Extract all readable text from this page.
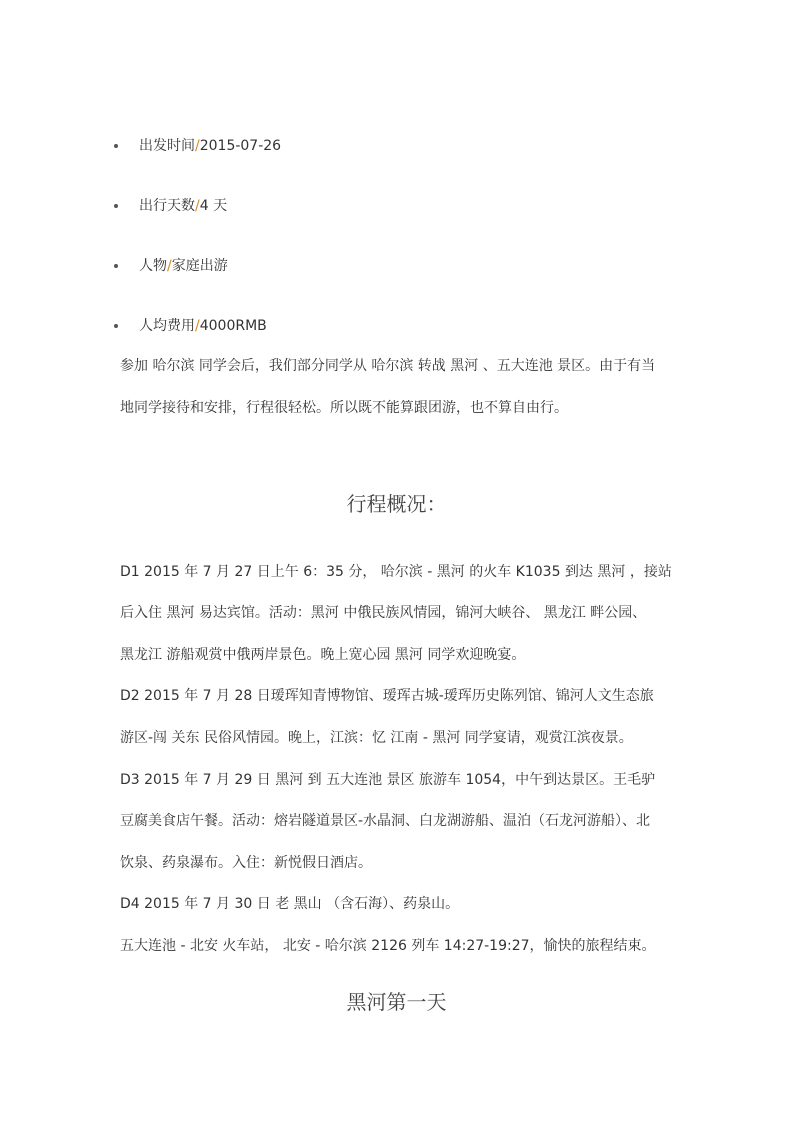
出发时间/2015-07-26
出行天数/4 天
人物/家庭出游
人均费用/4000RMB

参加 哈尔滨 同学会后，我们部分同学从 哈尔滨 转战 黑河 、五大连池 景区。由于有当

地同学接待和安排，行程很轻松。所以既不能算跟团游，也不算自由行。

行程概况：

D1 2015 年 7 月 27 日上午 6：35 分， 哈尔滨 - 黑河 的火车 K1035 到达 黑河 ，接站

后入住 黑河 易达宾馆。活动：黑河 中俄民族风情园，锦河大峡谷、 黑龙江 畔公园、

黑龙江 游船观赏中俄两岸景色。晚上宽心园 黑河 同学欢迎晚宴。

D2 2015 年 7 月 28 日瑷珲知青博物馆、瑷珲古城-瑷珲历史陈列馆、锦河人文生态旅

游区-闯 关东 民俗风情园。晚上，江滨：忆 江南 - 黑河 同学宴请，观赏江滨夜景。

D3 2015 年 7 月 29 日 黑河 到 五大连池 景区 旅游车 1054，中午到达景区。王毛驴

豆腐美食店午餐。活动：熔岩隧道景区-水晶洞、白龙湖游船、温泊（石龙河游船）、北

饮泉、药泉瀑布。入住：新悦假日酒店。

D4 2015 年 7 月 30 日 老 黑山 （含石海）、药泉山。

五大连池 - 北安 火车站， 北安 - 哈尔滨 2126 列车 14:27-19:27，愉快的旅程结束。

黑河第一天
